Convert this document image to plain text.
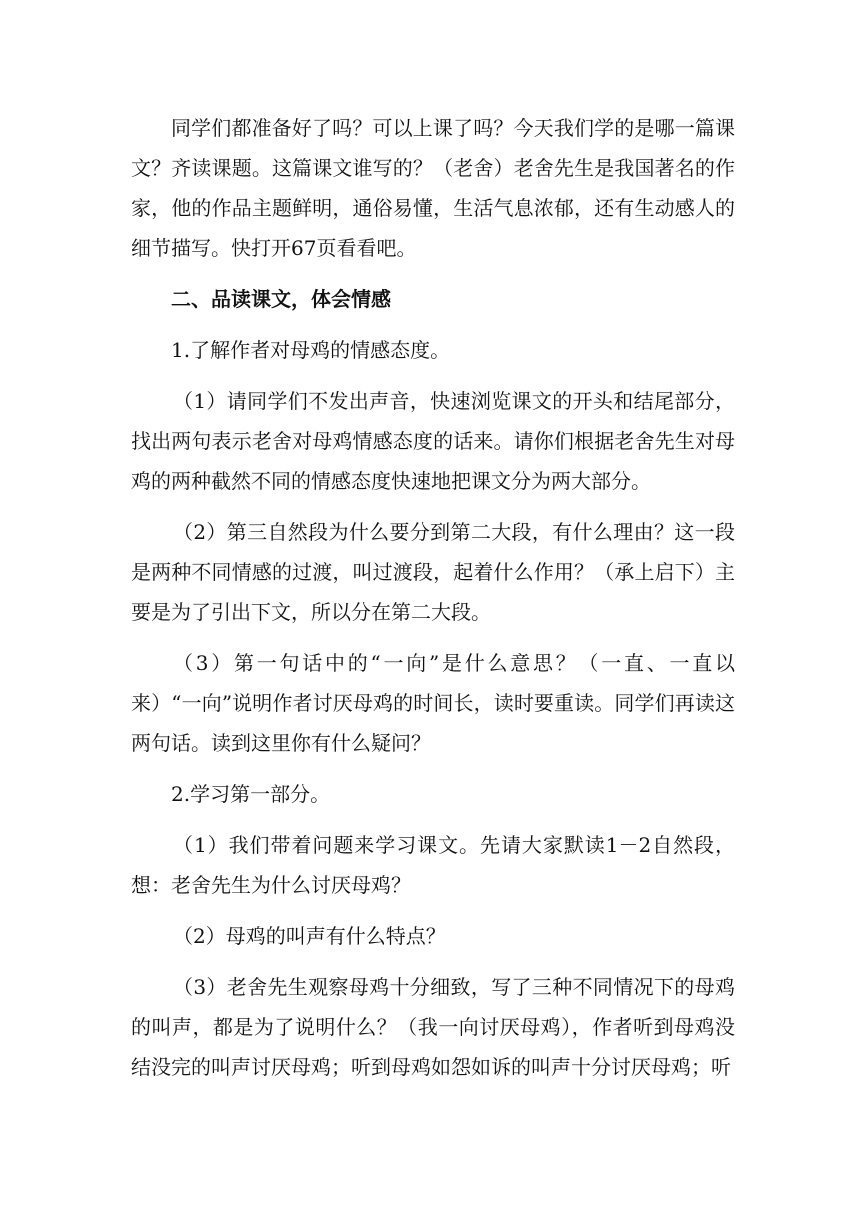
同学们都准备好了吗？可以上课了吗？今天我们学的是哪一篇课文？齐读课题。这篇课文谁写的？（老舍）老舍先生是我国著名的作家，他的作品主题鲜明，通俗易懂，生活气息浓郁，还有生动感人的细节描写。快打开67页看看吧。

二、品读课文，体会情感

1.了解作者对母鸡的情感态度。

（1）请同学们不发出声音，快速浏览课文的开头和结尾部分，找出两句表示老舍对母鸡情感态度的话来。请你们根据老舍先生对母鸡的两种截然不同的情感态度快速地把课文分为两大部分。

（2）第三自然段为什么要分到第二大段，有什么理由？这一段是两种不同情感的过渡，叫过渡段，起着什么作用？（承上启下）主要是为了引出下文，所以分在第二大段。

（3）第一句话中的“一向”是什么意思？（一直、一直以来）“一向”说明作者讨厌母鸡的时间长，读时要重读。同学们再读这两句话。读到这里你有什么疑问？

2.学习第一部分。

（1）我们带着问题来学习课文。先请大家默读1－2自然段，想：老舍先生为什么讨厌母鸡？

（2）母鸡的叫声有什么特点？

（3）老舍先生观察母鸡十分细致，写了三种不同情况下的母鸡的叫声，都是为了说明什么？（我一向讨厌母鸡），作者听到母鸡没结没完的叫声讨厌母鸡；听到母鸡如怨如诉的叫声十分讨厌母鸡；听
